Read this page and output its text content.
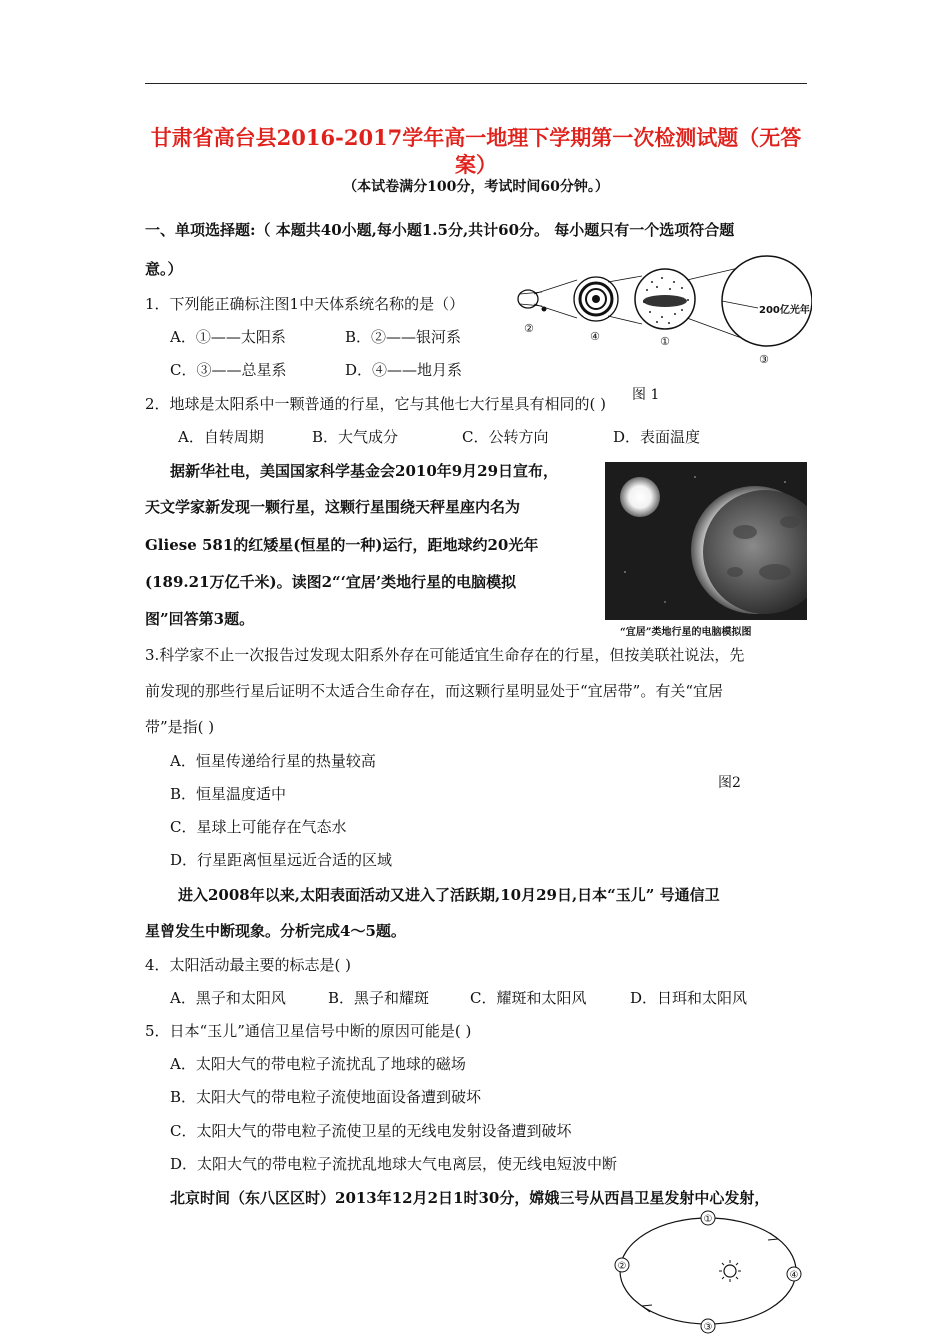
甘肃省高台县2016-2017学年高一地理下学期第一次检测试题（无答
案）
（本试卷满分100分，考试时间60分钟。）
一、单项选择题:（ 本题共40小题,每小题1.5分,共计60分。 每小题只有一个选项符合题
意。）
200亿光年
②
④	①
③
图 1
1．下列能正确标注图1中天体系统名称的是（）
A．①——太阳系	B．②——银河系
C．③——总星系	D．④——地月系
2．地球是太阳系中一颗普通的行星，它与其他七大行星具有相同的( )
A．自转周期	B．大气成分	C．公转方向	D．表面温度
据新华社电，美国国家科学基金会2010年9月29日宣布，
天文学家新发现一颗行星，这颗行星围绕天秤星座内名为
Gliese 581的红矮星(恒星的一种)运行，距地球约20光年
(189.21万亿千米)。读图2“‘宜居’类地行星的电脑模拟
图”回答第3题。
“宜居”类地行星的电脑模拟图
3.科学家不止一次报告过发现太阳系外存在可能适宜生命存在的行星，但按美联社说法，先
前发现的那些行星后证明不太适合生命存在，而这颗行星明显处于“宜居带”。有关“宜居
带”是指( )
A．恒星传递给行星的热量较高
B．恒星温度适中
C．星球上可能存在气态水
D．行星距离恒星远近合适的区域
图2
进入2008年以来,太阳表面活动又进入了活跃期,10月29日,日本“玉儿” 号通信卫
星曾发生中断现象。分析完成4～5题。
4．太阳活动最主要的标志是( )
A．黑子和太阳风	B．黑子和耀斑	C．耀斑和太阳风	D．日珥和太阳风
5．日本“玉儿”通信卫星信号中断的原因可能是( )
A．太阳大气的带电粒子流扰乱了地球的磁场
B．太阳大气的带电粒子流使地面设备遭到破坏
C．太阳大气的带电粒子流使卫星的无线电发射设备遭到破坏
D．太阳大气的带电粒子流扰乱地球大气电离层，使无线电短波中断
北京时间（东八区区时）2013年12月2日1时30分，嫦娥三号从西昌卫星发射中心发射，
①
②
④
③
